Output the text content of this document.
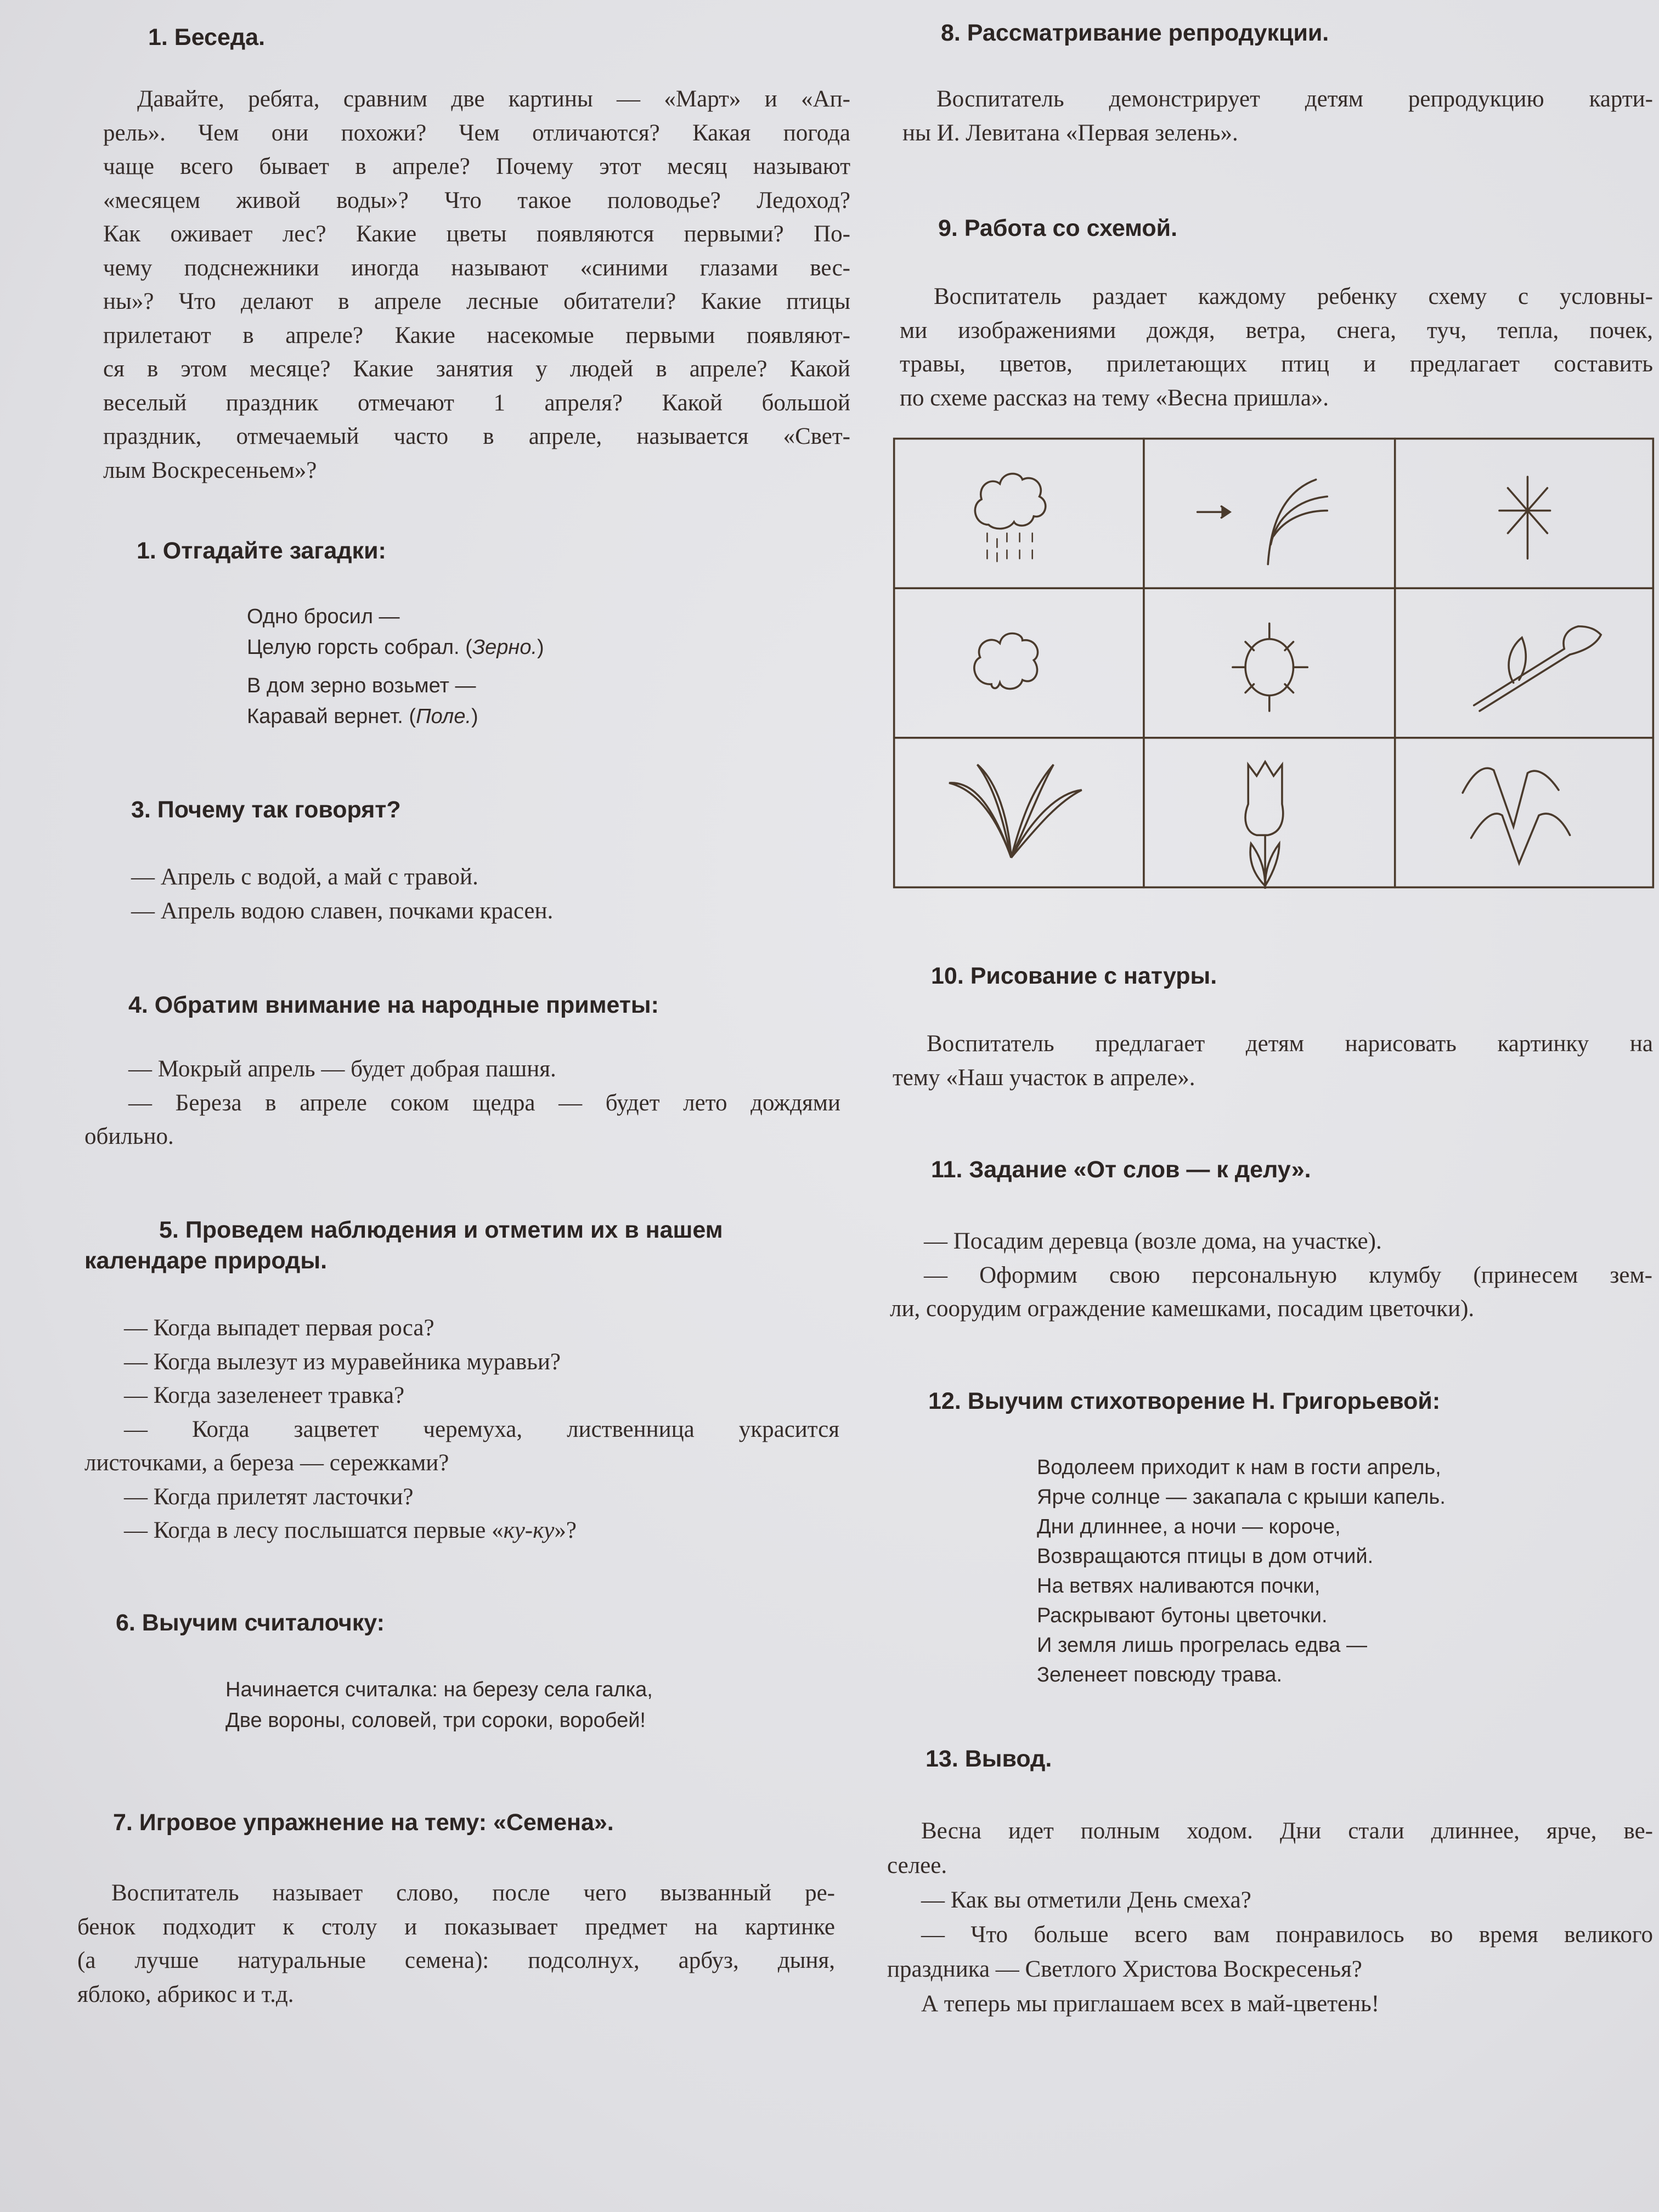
1. Беседа.
Давайте, ребята, сравним две картины — «Март» и «Ап-
рель». Чем они похожи? Чем отличаются? Какая погода
чаще всего бывает в апреле? Почему этот месяц называют
«месяцем живой воды»? Что такое половодье? Ледоход?
Как оживает лес? Какие цветы появляются первыми? По-
чему подснежники иногда называют «синими глазами вес-
ны»? Что делают в апреле лесные обитатели? Какие птицы
прилетают в апреле? Какие насекомые первыми появляют-
ся в этом месяце? Какие занятия у людей в апреле? Какой
веселый праздник отмечают 1 апреля? Какой большой
праздник, отмечаемый часто в апреле, называется «Свет-
лым Воскресеньем»?
1. Отгадайте загадки:
Одно бросил —
Целую горсть собрал. (Зерно.)
В дом зерно возьмет —
Каравай вернет. (Поле.)
3. Почему так говорят?
— Апрель с водой, а май с травой.
— Апрель водою славен, почками красен.
4. Обратим внимание на народные приметы:
— Мокрый апрель — будет добрая пашня.
— Береза в апреле соком щедра — будет лето дождями
обильно.
5. Проведем наблюдения и отметим их в нашем
календаре природы.
— Когда выпадет первая роса?
— Когда вылезут из муравейника муравьи?
— Когда зазеленеет травка?
— Когда зацветет черемуха, лиственница украсится
листочками, а береза — сережками?
— Когда прилетят ласточки?
— Когда в лесу послышатся первые «ку-ку»?
6. Выучим считалочку:
Начинается считалка: на березу села галка,
Две вороны, соловей, три сороки, воробей!
7. Игровое упражнение на тему: «Семена».
Воспитатель называет слово, после чего вызванный ре-
бенок подходит к столу и показывает предмет на картинке
(а лучше натуральные семена): подсолнух, арбуз, дыня,
яблоко, абрикос и т.д.
8. Рассматривание репродукции.
Воспитатель демонстрирует детям репродукцию карти-
ны И. Левитана «Первая зелень».
9. Работа со схемой.
Воспитатель раздает каждому ребенку схему с условны-
ми изображениями дождя, ветра, снега, туч, тепла, почек,
травы, цветов, прилетающих птиц и предлагает составить
по схеме рассказ на тему «Весна пришла».
10. Рисование с натуры.
Воспитатель предлагает детям нарисовать картинку на
тему «Наш участок в апреле».
11. Задание «От слов — к делу».
— Посадим деревца (возле дома, на участке).
— Оформим свою персональную клумбу (принесем зем-
ли, соорудим ограждение камешками, посадим цветочки).
12. Выучим стихотворение Н. Григорьевой:
Водолеем приходит к нам в гости апрель,
Ярче солнце — закапала с крыши капель.
Дни длиннее, а ночи — короче,
Возвращаются птицы в дом отчий.
На ветвях наливаются почки,
Раскрывают бутоны цветочки.
И земля лишь прогрелась едва —
Зеленеет повсюду трава.
13. Вывод.
Весна идет полным ходом. Дни стали длиннее, ярче, ве-
селее.
— Как вы отметили День смеха?
— Что больше всего вам понравилось во время великого
праздника — Светлого Христова Воскресенья?
А теперь мы приглашаем всех в май-цветень!
